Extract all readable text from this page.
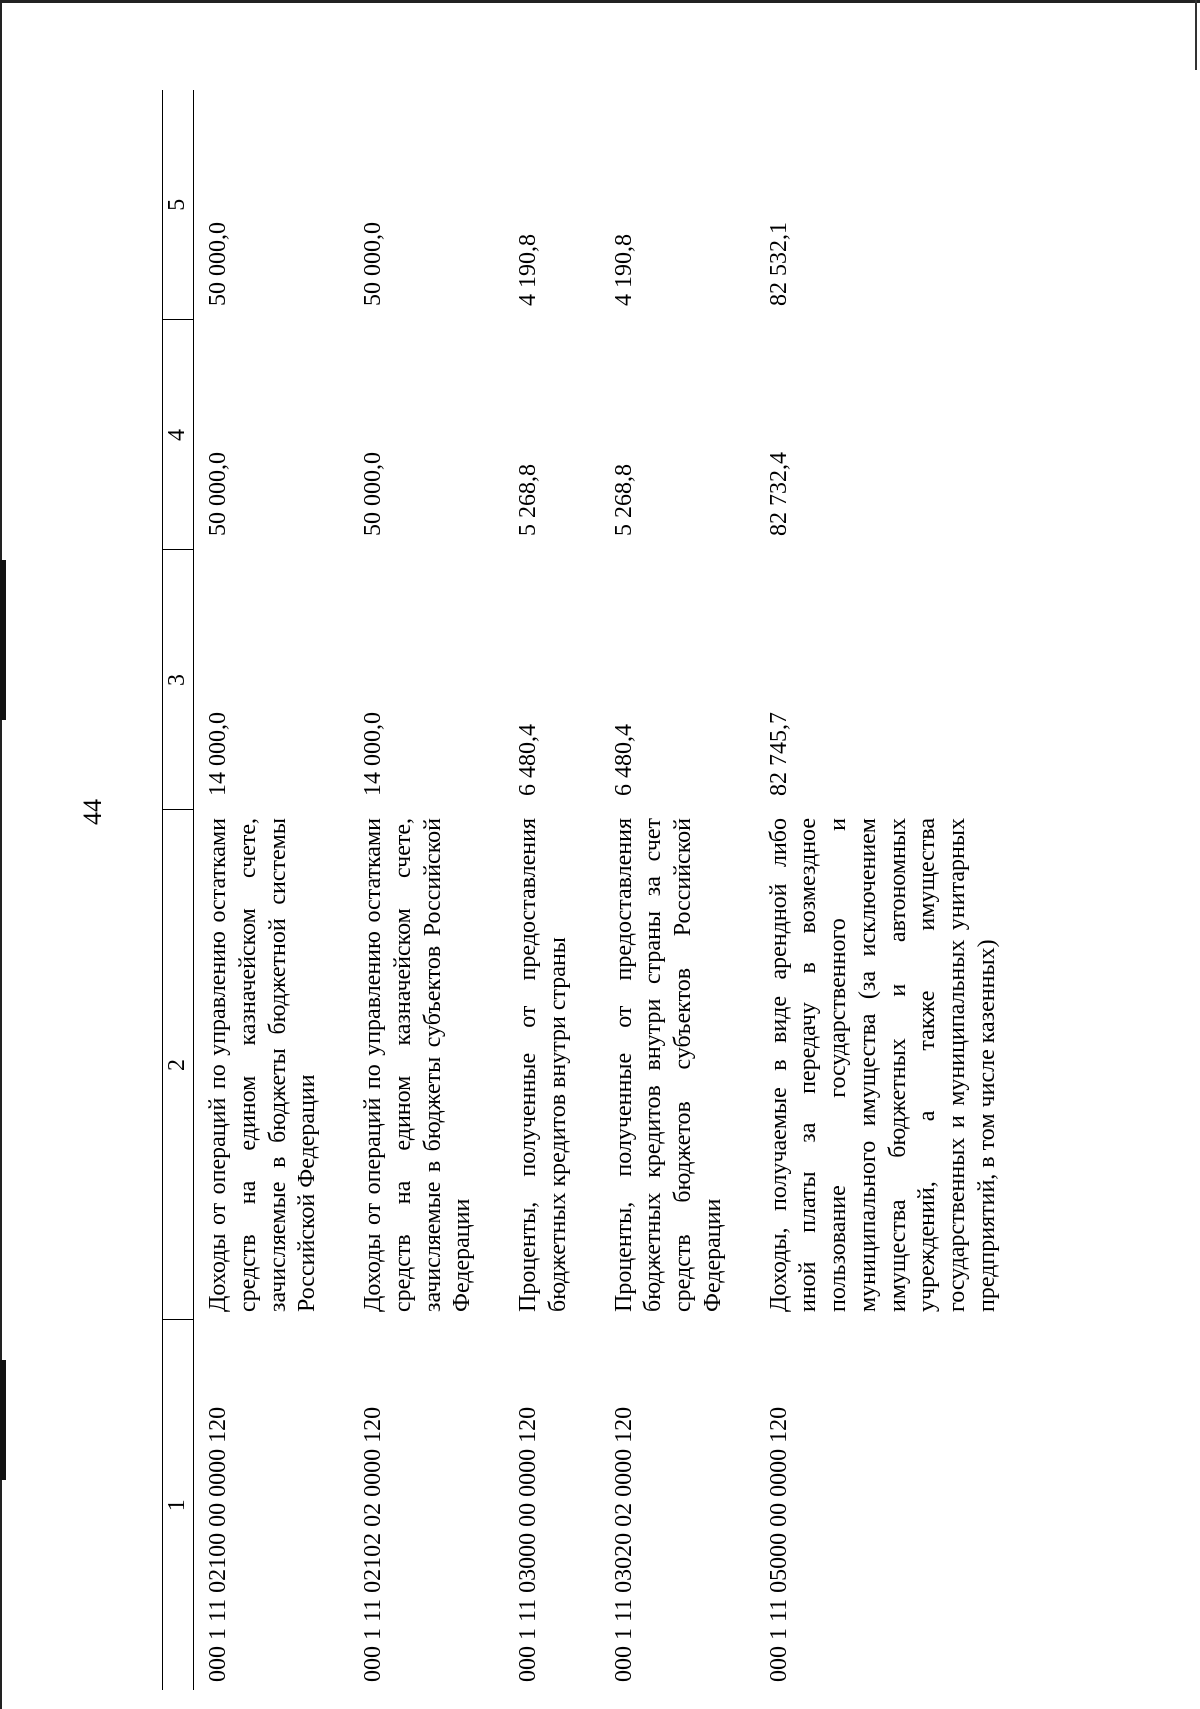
44
1	2	3	4	5
000 1 11 02100 00 0000 120	Доходы от операций по управлению остатками средств на едином казначейском счете, зачисляемые в бюджеты бюджетной системы Российской Федерации	14 000,0	50 000,0	50 000,0
000 1 11 02102 02 0000 120	Доходы от операций по управлению остатками средств на едином казначейском счете, зачисляемые в бюджеты субъектов Российской Федерации	14 000,0	50 000,0	50 000,0
000 1 11 03000 00 0000 120	Проценты, полученные от предоставления бюджетных кредитов внутри страны	6 480,4	5 268,8	4 190,8
000 1 11 03020 02 0000 120	Проценты, полученные от предоставления бюджетных кредитов внутри страны за счет средств бюджетов субъектов Российской Федерации	6 480,4	5 268,8	4 190,8
000 1 11 05000 00 0000 120	Доходы, получаемые в виде арендной либо иной платы за передачу в возмездное пользование государственного и муниципального имущества (за исключением имущества бюджетных и автономных учреждений, а также имущества государственных и муниципальных унитарных предприятий, в том числе казенных)	82 745,7	82 732,4	82 532,1
